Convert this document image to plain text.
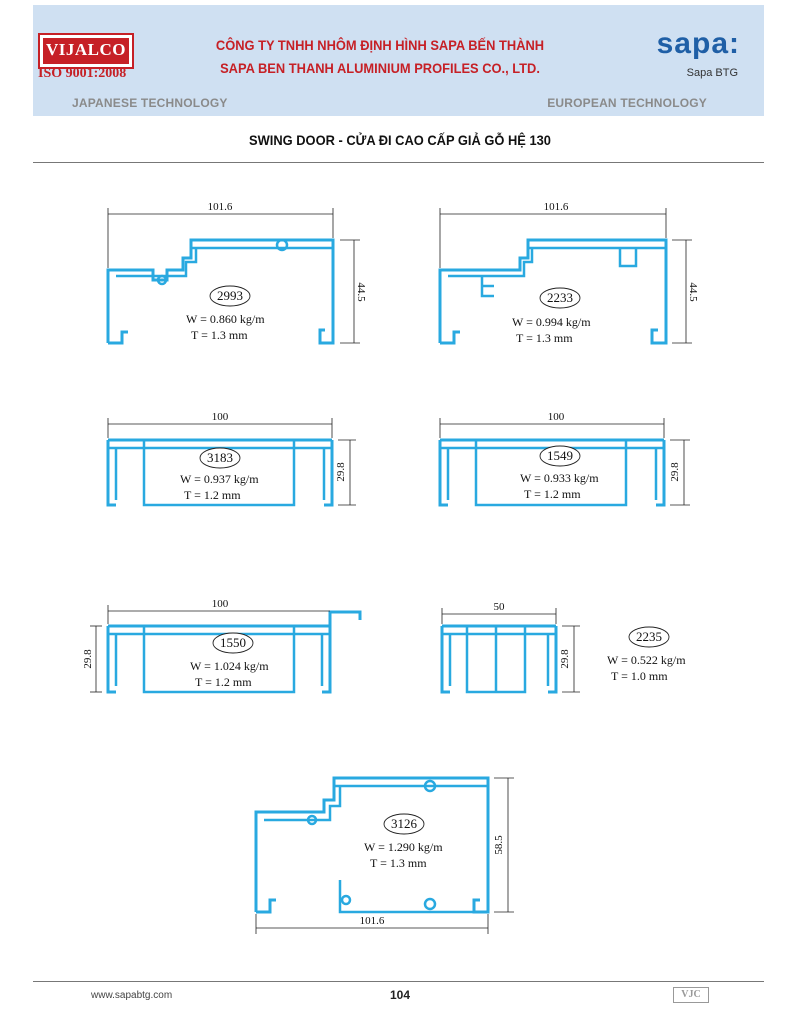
VIJALCO
ISO 9001:2008
CÔNG TY TNHH NHÔM ĐỊNH HÌNH SAPA BẾN THÀNH
SAPA BEN THANH ALUMINIUM PROFILES CO., LTD.
sapa:
Sapa BTG
JAPANESE TECHNOLOGY	EUROPEAN TECHNOLOGY
SWING DOOR - CỬA ĐI CAO CẤP GIẢ GỖ HỆ 130
101.6
44.5
2993
W = 0.860 kg/m
T = 1.3 mm
101.6
44.5
2233
W = 0.994 kg/m
T = 1.3 mm
100
29.8
3183
W = 0.937 kg/m
T = 1.2 mm
100
29.8
1549
W = 0.933 kg/m
T = 1.2 mm
100
29.8
1550
W = 1.024 kg/m
T = 1.2 mm
50
29.8
2235
W = 0.522 kg/m
T = 1.0 mm
101.6
58.5
3126
W = 1.290 kg/m
T = 1.3 mm
www.sapabtg.com	104	VJC
